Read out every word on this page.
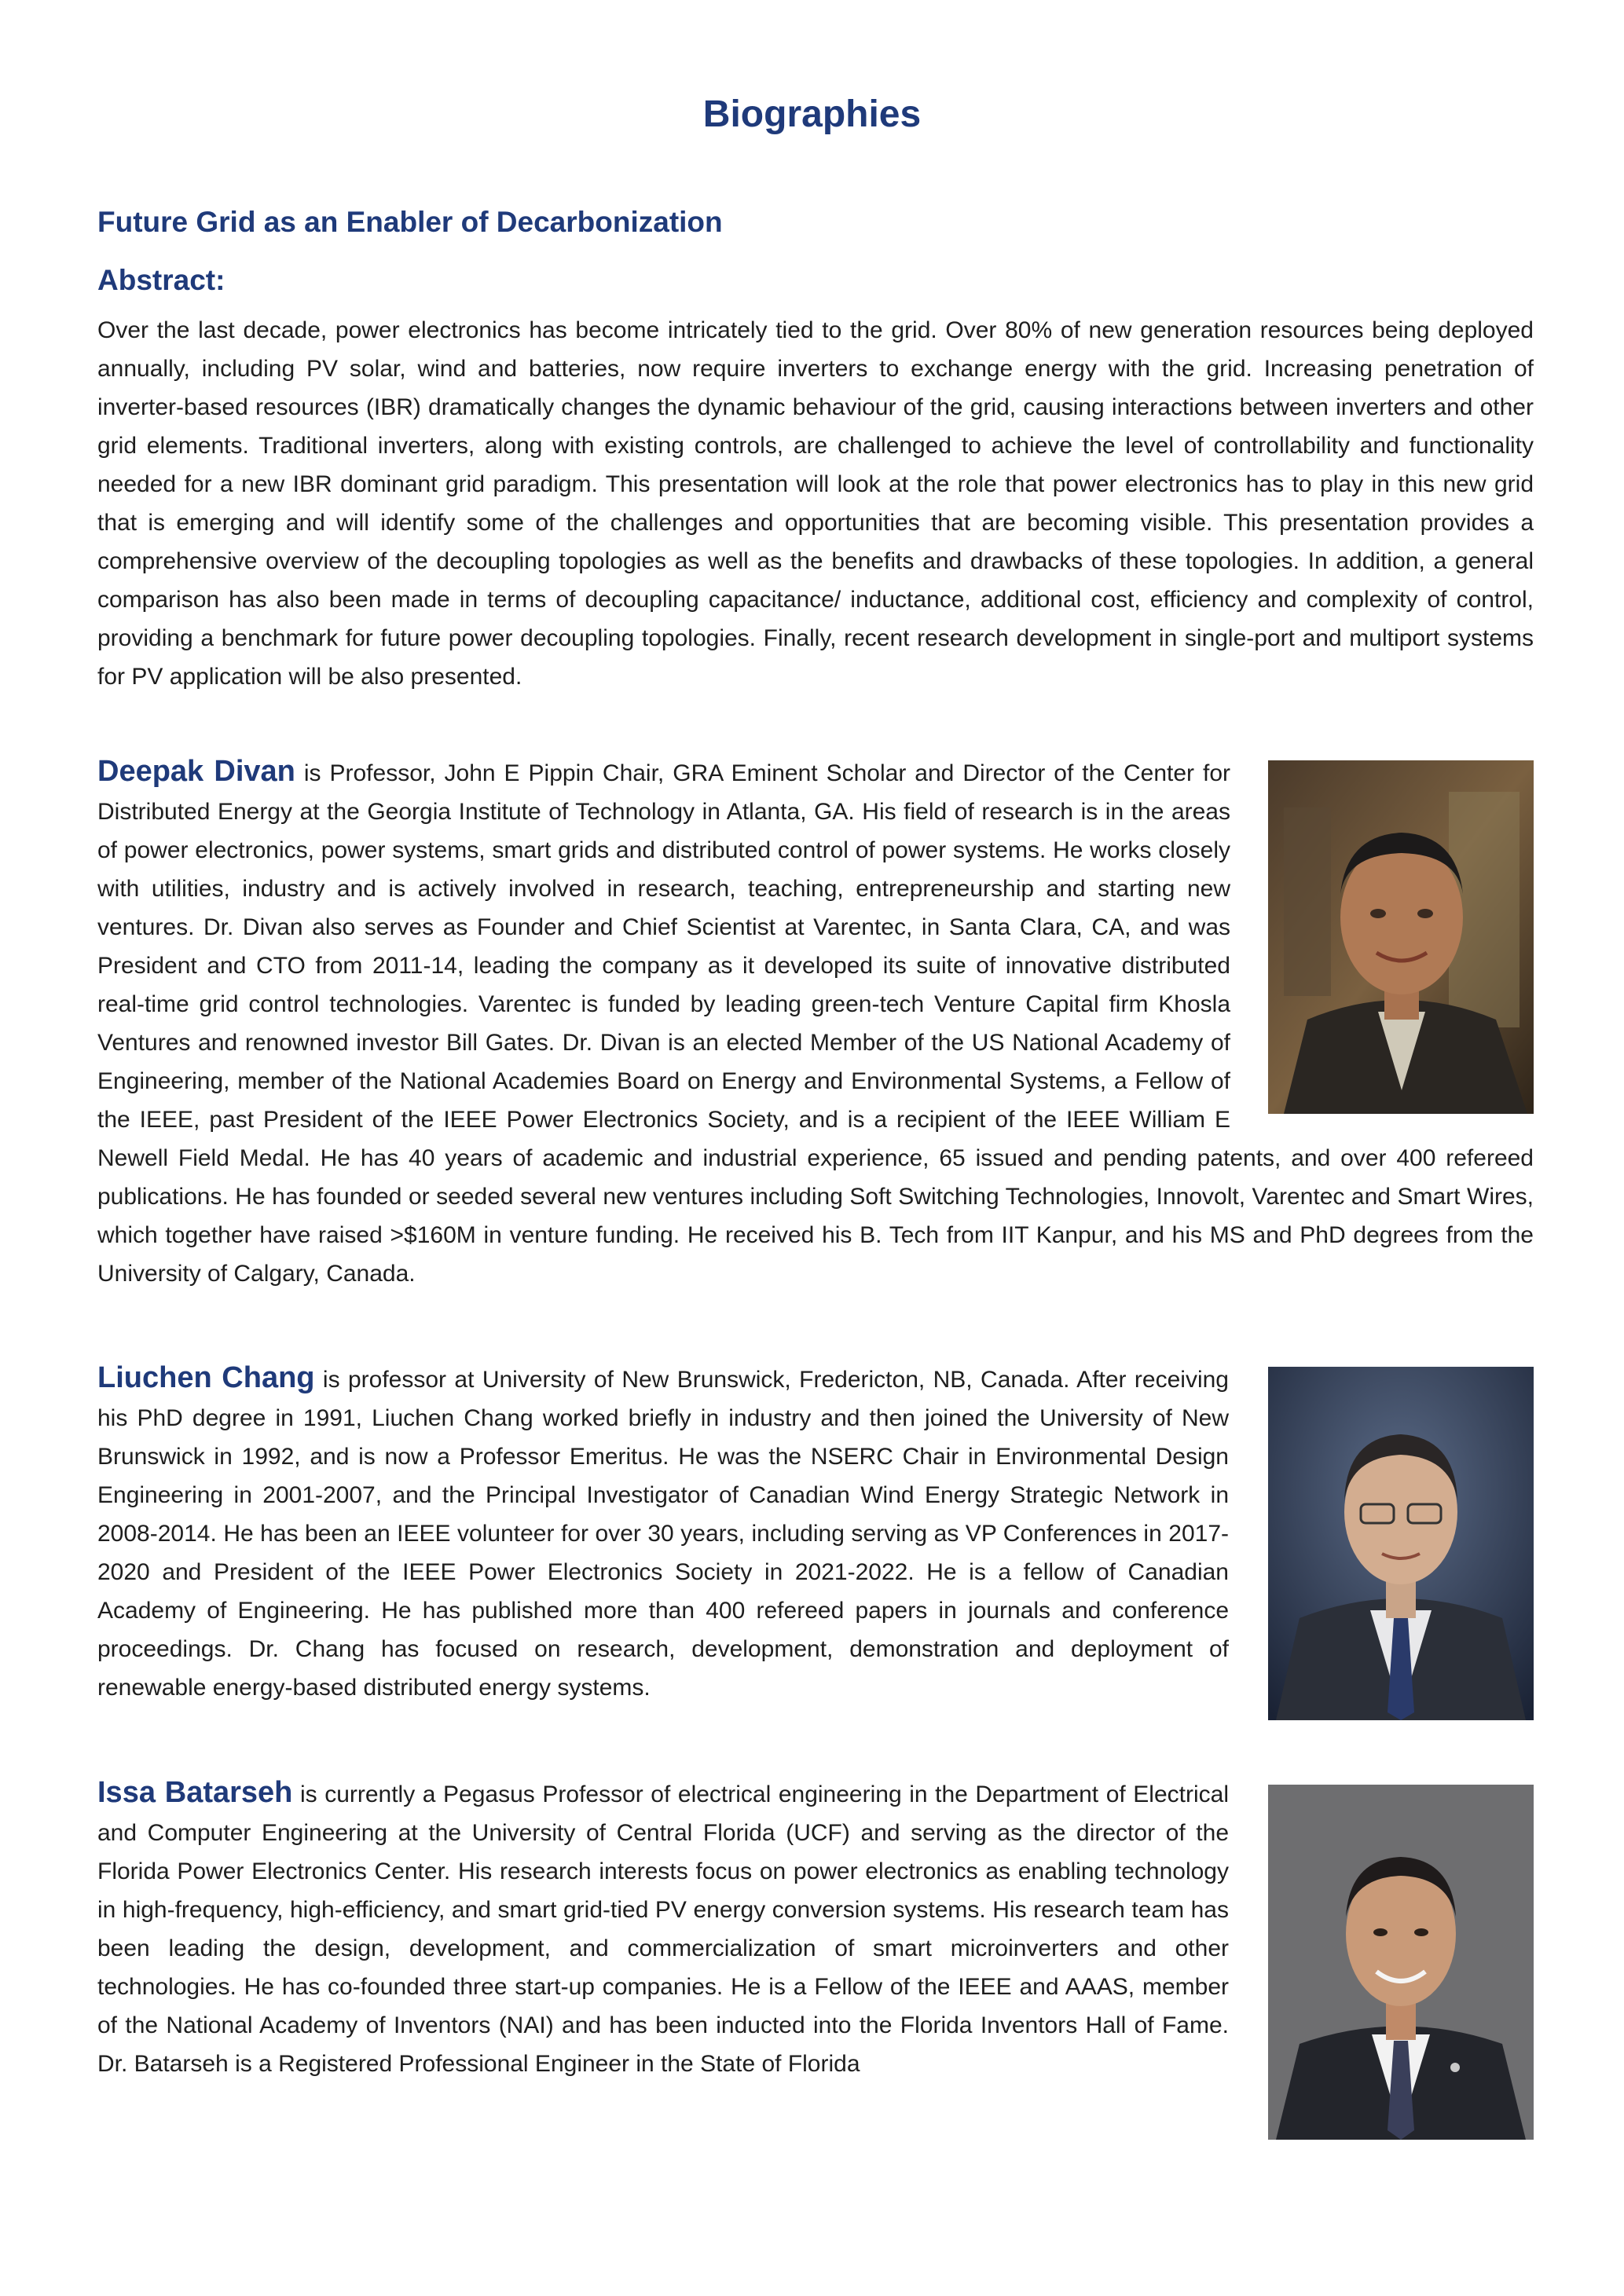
Biographies
Future Grid as an Enabler of Decarbonization
Abstract:
Over the last decade, power electronics has become intricately tied to the grid. Over 80% of new generation resources being deployed annually, including PV solar, wind and batteries, now require inverters to exchange energy with the grid. Increasing penetration of inverter-based resources (IBR) dramatically changes the dynamic behaviour of the grid, causing interactions between inverters and other grid elements. Traditional inverters, along with existing controls, are challenged to achieve the level of controllability and functionality needed for a new IBR dominant grid paradigm. This presentation will look at the role that power electronics has to play in this new grid that is emerging and will identify some of the challenges and opportunities that are becoming visible. This presentation provides a comprehensive overview of the decoupling topologies as well as the benefits and drawbacks of these topologies. In addition, a general comparison has also been made in terms of decoupling capacitance/ inductance, additional cost, efficiency and complexity of control, providing a benchmark for future power decoupling topologies. Finally, recent research development in single-port and multiport systems for PV application will be also presented.
Deepak Divan is Professor, John E Pippin Chair, GRA Eminent Scholar and Director of the Center for Distributed Energy at the Georgia Institute of Technology in Atlanta, GA. His field of research is in the areas of power electronics, power systems, smart grids and distributed control of power systems. He works closely with utilities, industry and is actively involved in research, teaching, entrepreneurship and starting new ventures. Dr. Divan also serves as Founder and Chief Scientist at Varentec, in Santa Clara, CA, and was President and CTO from 2011-14, leading the company as it developed its suite of innovative distributed real-time grid control technologies. Varentec is funded by leading green-tech Venture Capital firm Khosla Ventures and renowned investor Bill Gates. Dr. Divan is an elected Member of the US National Academy of Engineering, member of the National Academies Board on Energy and Environmental Systems, a Fellow of the IEEE, past President of the IEEE Power Electronics Society, and is a recipient of the IEEE William E Newell Field Medal. He has 40 years of academic and industrial experience, 65 issued and pending patents, and over 400 refereed publications. He has founded or seeded several new ventures including Soft Switching Technologies, Innovolt, Varentec and Smart Wires, which together have raised >$160M in venture funding. He received his B. Tech from IIT Kanpur, and his MS and PhD degrees from the University of Calgary, Canada.
Liuchen Chang is professor at University of New Brunswick, Fredericton, NB, Canada. After receiving his PhD degree in 1991, Liuchen Chang worked briefly in industry and then joined the University of New Brunswick in 1992, and is now a Professor Emeritus. He was the NSERC Chair in Environmental Design Engineering in 2001-2007, and the Principal Investigator of Canadian Wind Energy Strategic Network in 2008-2014. He has been an IEEE volunteer for over 30 years, including serving as VP Conferences in 2017-2020 and President of the IEEE Power Electronics Society in 2021-2022. He is a fellow of Canadian Academy of Engineering. He has published more than 400 refereed papers in journals and conference proceedings. Dr. Chang has focused on research, development, demonstration and deployment of renewable energy-based distributed energy systems.
Issa Batarseh is currently a Pegasus Professor of electrical engineering in the Department of Electrical and Computer Engineering at the University of Central Florida (UCF) and serving as the director of the Florida Power Electronics Center. His research interests focus on power electronics as enabling technology in high-frequency, high-efficiency, and smart grid-tied PV energy conversion systems. His research team has been leading the design, development, and commercialization of smart microinverters and other technologies. He has co-founded three start-up companies. He is a Fellow of the IEEE and AAAS, member of the National Academy of Inventors (NAI) and has been inducted into the Florida Inventors Hall of Fame. Dr. Batarseh is a Registered Professional Engineer in the State of Florida
